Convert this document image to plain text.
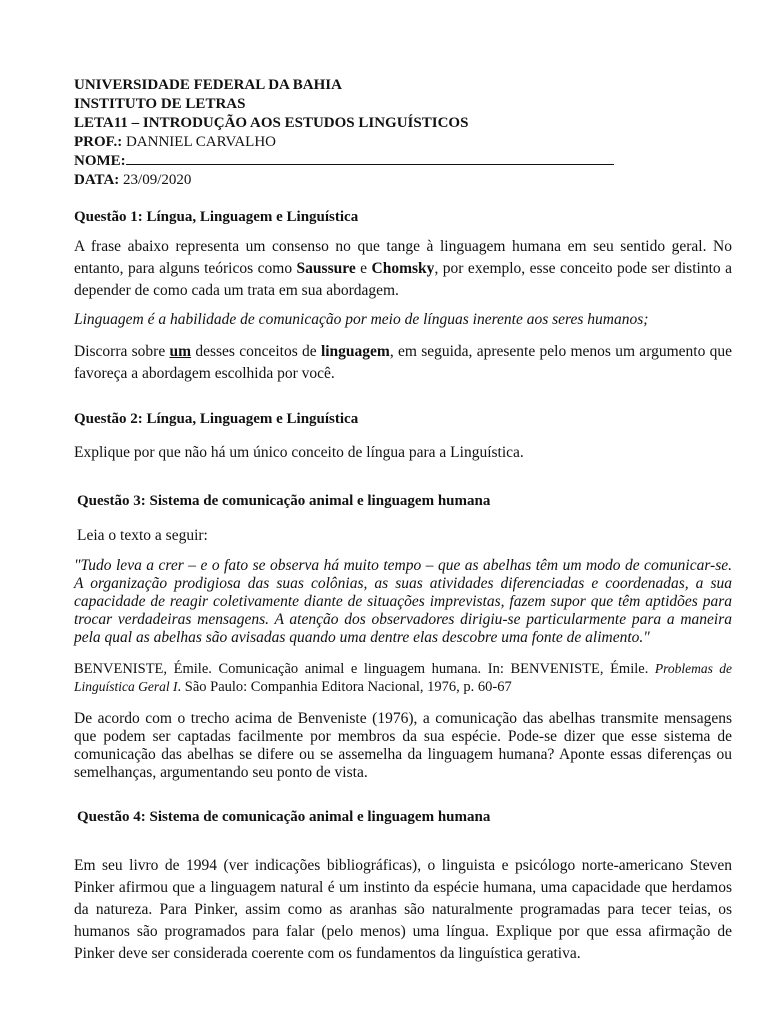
UNIVERSIDADE FEDERAL DA BAHIA
INSTITUTO DE LETRAS
LETA11 – INTRODUÇÃO AOS ESTUDOS LINGUÍSTICOS
PROF.: DANNIEL CARVALHO
NOME:
DATA: 23/09/2020
Questão 1: Língua, Linguagem e Linguística

A frase abaixo representa um consenso no que tange à linguagem humana em seu sentido geral. No entanto, para alguns teóricos como Saussure e Chomsky, por exemplo, esse conceito pode ser distinto a depender de como cada um trata em sua abordagem.

Linguagem é a habilidade de comunicação por meio de línguas inerente aos seres humanos;

Discorra sobre um desses conceitos de linguagem, em seguida, apresente pelo menos um argumento que favoreça a abordagem escolhida por você.

Questão 2: Língua, Linguagem e Linguística

Explique por que não há um único conceito de língua para a Linguística.

Questão 3: Sistema de comunicação animal e linguagem humana

Leia o texto a seguir:

"Tudo leva a crer – e o fato se observa há muito tempo – que as abelhas têm um modo de comunicar-se. A organização prodigiosa das suas colônias, as suas atividades diferenciadas e coordenadas, a sua capacidade de reagir coletivamente diante de situações imprevistas, fazem supor que têm aptidões para trocar verdadeiras mensagens. A atenção dos observadores dirigiu-se particularmente para a maneira pela qual as abelhas são avisadas quando uma dentre elas descobre uma fonte de alimento."

BENVENISTE, Émile. Comunicação animal e linguagem humana. In: BENVENISTE, Émile. Problemas de Linguística Geral I. São Paulo: Companhia Editora Nacional, 1976, p. 60-67

De acordo com o trecho acima de Benveniste (1976), a comunicação das abelhas transmite mensagens que podem ser captadas facilmente por membros da sua espécie. Pode-se dizer que esse sistema de comunicação das abelhas se difere ou se assemelha da linguagem humana? Aponte essas diferenças ou semelhanças, argumentando seu ponto de vista.

Questão 4: Sistema de comunicação animal e linguagem humana

Em seu livro de 1994 (ver indicações bibliográficas), o linguista e psicólogo norte-americano Steven Pinker afirmou que a linguagem natural é um instinto da espécie humana, uma capacidade que herdamos da natureza. Para Pinker, assim como as aranhas são naturalmente programadas para tecer teias, os humanos são programados para falar (pelo menos) uma língua. Explique por que essa afirmação de Pinker deve ser considerada coerente com os fundamentos da linguística gerativa.
